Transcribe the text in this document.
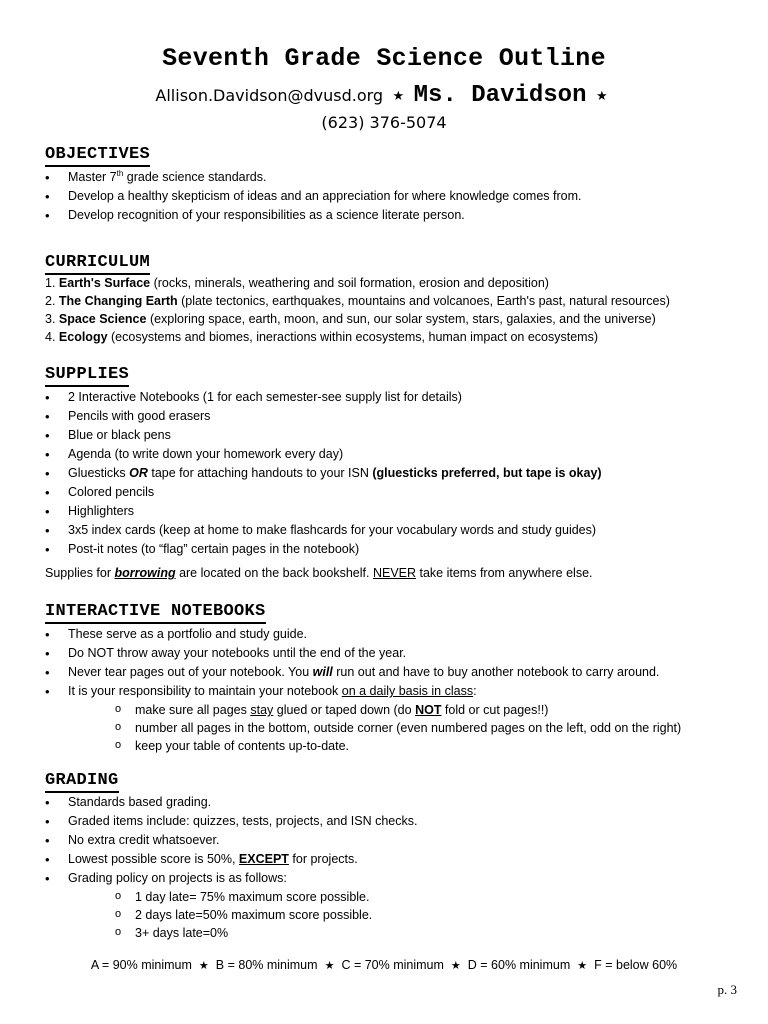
Seventh Grade Science Outline
Allison.Davidson@dvusd.org ★ Ms. Davidson ★
(623) 376-5074
OBJECTIVES
• Master 7th grade science standards.
• Develop a healthy skepticism of ideas and an appreciation for where knowledge comes from.
• Develop recognition of your responsibilities as a science literate person.
CURRICULUM
1. Earth's Surface (rocks, minerals, weathering and soil formation, erosion and deposition)
2. The Changing Earth (plate tectonics, earthquakes, mountains and volcanoes, Earth's past, natural resources)
3. Space Science (exploring space, earth, moon, and sun, our solar system, stars, galaxies, and the universe)
4. Ecology (ecosystems and biomes, ineractions within ecosystems, human impact on ecosystems)
SUPPLIES
• 2 Interactive Notebooks (1 for each semester-see supply list for details)
• Pencils with good erasers
• Blue or black pens
• Agenda (to write down your homework every day)
• Gluesticks OR tape for attaching handouts to your ISN (gluesticks preferred, but tape is okay)
• Colored pencils
• Highlighters
• 3x5 index cards (keep at home to make flashcards for your vocabulary words and study guides)
• Post-it notes (to “flag” certain pages in the notebook)
Supplies for borrowing are located on the back bookshelf. NEVER take items from anywhere else.
INTERACTIVE NOTEBOOKS
• These serve as a portfolio and study guide.
• Do NOT throw away your notebooks until the end of the year.
• Never tear pages out of your notebook. You will run out and have to buy another notebook to carry around.
• It is your responsibility to maintain your notebook on a daily basis in class:
o make sure all pages stay glued or taped down (do NOT fold or cut pages!!)
o number all pages in the bottom, outside corner (even numbered pages on the left, odd on the right)
o keep your table of contents up-to-date.
GRADING
• Standards based grading.
• Graded items include: quizzes, tests, projects, and ISN checks.
• No extra credit whatsoever.
• Lowest possible score is 50%, EXCEPT for projects.
• Grading policy on projects is as follows:
o 1 day late= 75% maximum score possible.
o 2 days late=50% maximum score possible.
o 3+ days late=0%
A = 90% minimum ★ B = 80% minimum ★ C = 70% minimum ★ D = 60% minimum ★ F = below 60%
p. 3
